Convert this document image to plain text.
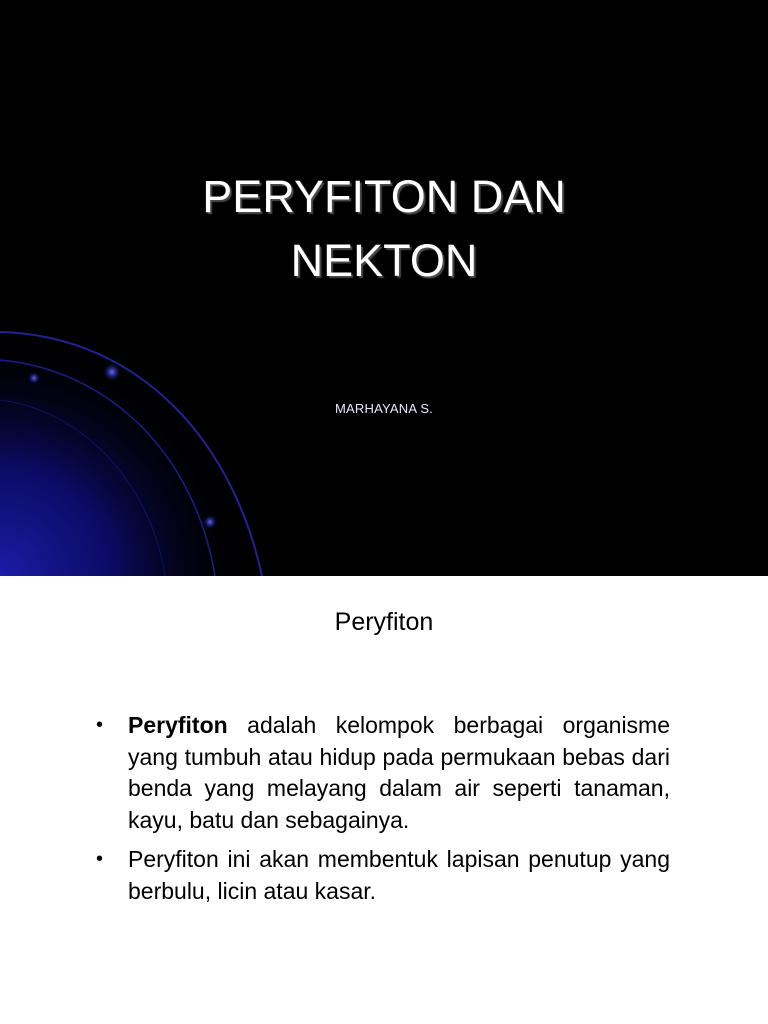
PERYFITON DAN
NEKTON

MARHAYANA S.

Peryfiton
•	Peryfiton adalah kelompok berbagai organisme yang tumbuh atau hidup pada permukaan bebas dari benda yang melayang dalam air seperti tanaman, kayu, batu dan sebagainya.
•	Peryfiton ini akan membentuk lapisan penutup yang berbulu, licin atau kasar.
